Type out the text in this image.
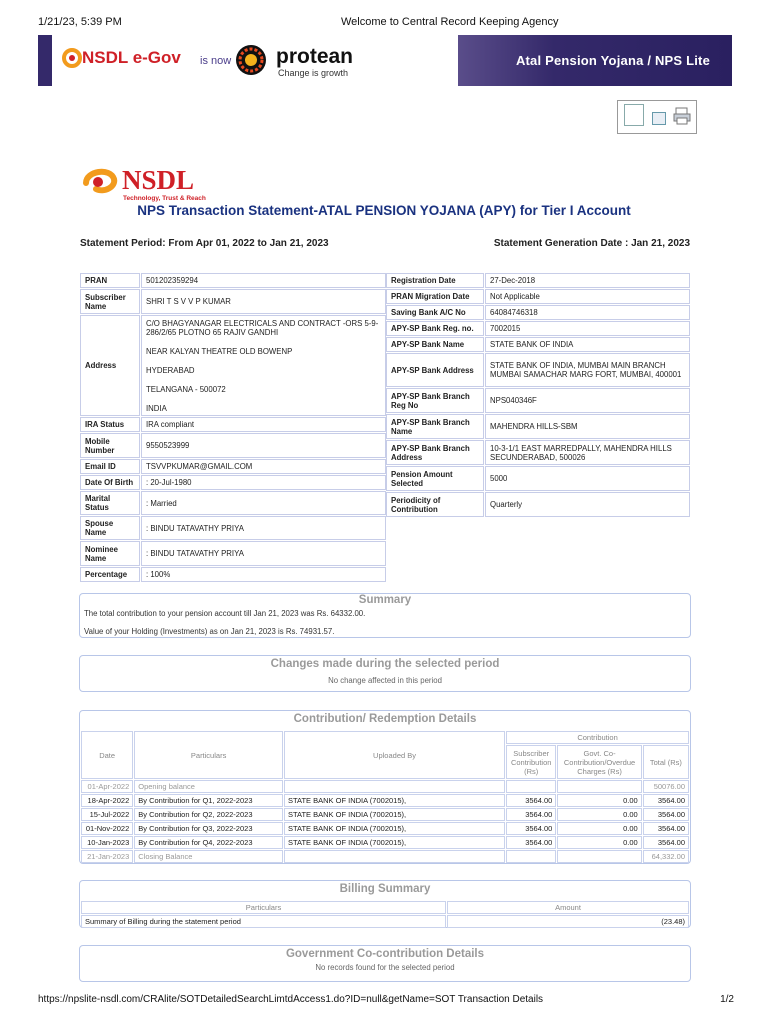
1/21/23, 5:39 PM	Welcome to Central Record Keeping Agency
NSDL e-Gov is now protean
Change is growth
Atal Pension Yojana / NPS Lite
NSDL
Technology, Trust & Reach
NPS Transaction Statement-ATAL PENSION YOJANA (APY) for Tier I Account
Statement Period: From Apr 01, 2022 to Jan 21, 2023	Statement Generation Date : Jan 21, 2023
PRAN	501202359294
Subscriber Name	SHRI T S V V P KUMAR
Address	C/O BHAGYANAGAR ELECTRICALS AND CONTRACT -ORS 5-9-286/2/65 PLOTNO 65 RAJIV GANDHI
NEAR KALYAN THEATRE OLD BOWENP
HYDERABAD
TELANGANA - 500072
INDIA

IRA Status	IRA compliant
Mobile Number	9550523999
Email ID	TSVVPKUMAR@GMAIL.COM
Date Of Birth	: 20-Jul-1980
Marital Status	: Married
Spouse Name	: BINDU TATAVATHY PRIYA
Nominee Name	: BINDU TATAVATHY PRIYA
Percentage	: 100%
Registration Date	27-Dec-2018
PRAN Migration Date	Not Applicable
Saving Bank A/C No	64084746318
APY-SP Bank Reg. no.	7002015
APY-SP Bank Name	STATE BANK OF INDIA
APY-SP Bank Address	STATE BANK OF INDIA, MUMBAI MAIN BRANCH MUMBAI SAMACHAR MARG FORT, MUMBAI, 400001
APY-SP Bank Branch Reg No	NPS040346F
APY-SP Bank Branch Name	MAHENDRA HILLS-SBM
APY-SP Bank Branch Address	10-3-1/1 EAST MARREDPALLY, MAHENDRA HILLS SECUNDERABAD, 500026
Pension Amount Selected	5000
Periodicity of Contribution	Quarterly
Summary
The total contribution to your pension account till Jan 21, 2023 was Rs. 64332.00.
Value of your Holding (Investments) as on Jan 21, 2023 is Rs. 74931.57.
Changes made during the selected period
No change affected in this period
Contribution/ Redemption Details
Date	Particulars	Uploaded By	Contribution		
			Subscriber Contribution (Rs)	Govt. Co-Contribution/Overdue Charges (Rs)	Total (Rs)
01-Apr-2022	Opening balance				50076.00
18-Apr-2022	By Contribution for Q1, 2022-2023	STATE BANK OF INDIA (7002015),	3564.00	0.00	3564.00
15-Jul-2022	By Contribution for Q2, 2022-2023	STATE BANK OF INDIA (7002015),	3564.00	0.00	3564.00
01-Nov-2022	By Contribution for Q3, 2022-2023	STATE BANK OF INDIA (7002015),	3564.00	0.00	3564.00
10-Jan-2023	By Contribution for Q4, 2022-2023	STATE BANK OF INDIA (7002015),	3564.00	0.00	3564.00
21-Jan-2023	Closing Balance				64,332.00
Billing Summary
Particulars	Amount
Summary of Billing during the statement period	(23.48)
Government Co-contribution Details
No records found for the selected period
https://npslite-nsdl.com/CRAlite/SOTDetailedSearchLimtdAccess1.do?ID=null&getName=SOT Transaction Details	1/2
